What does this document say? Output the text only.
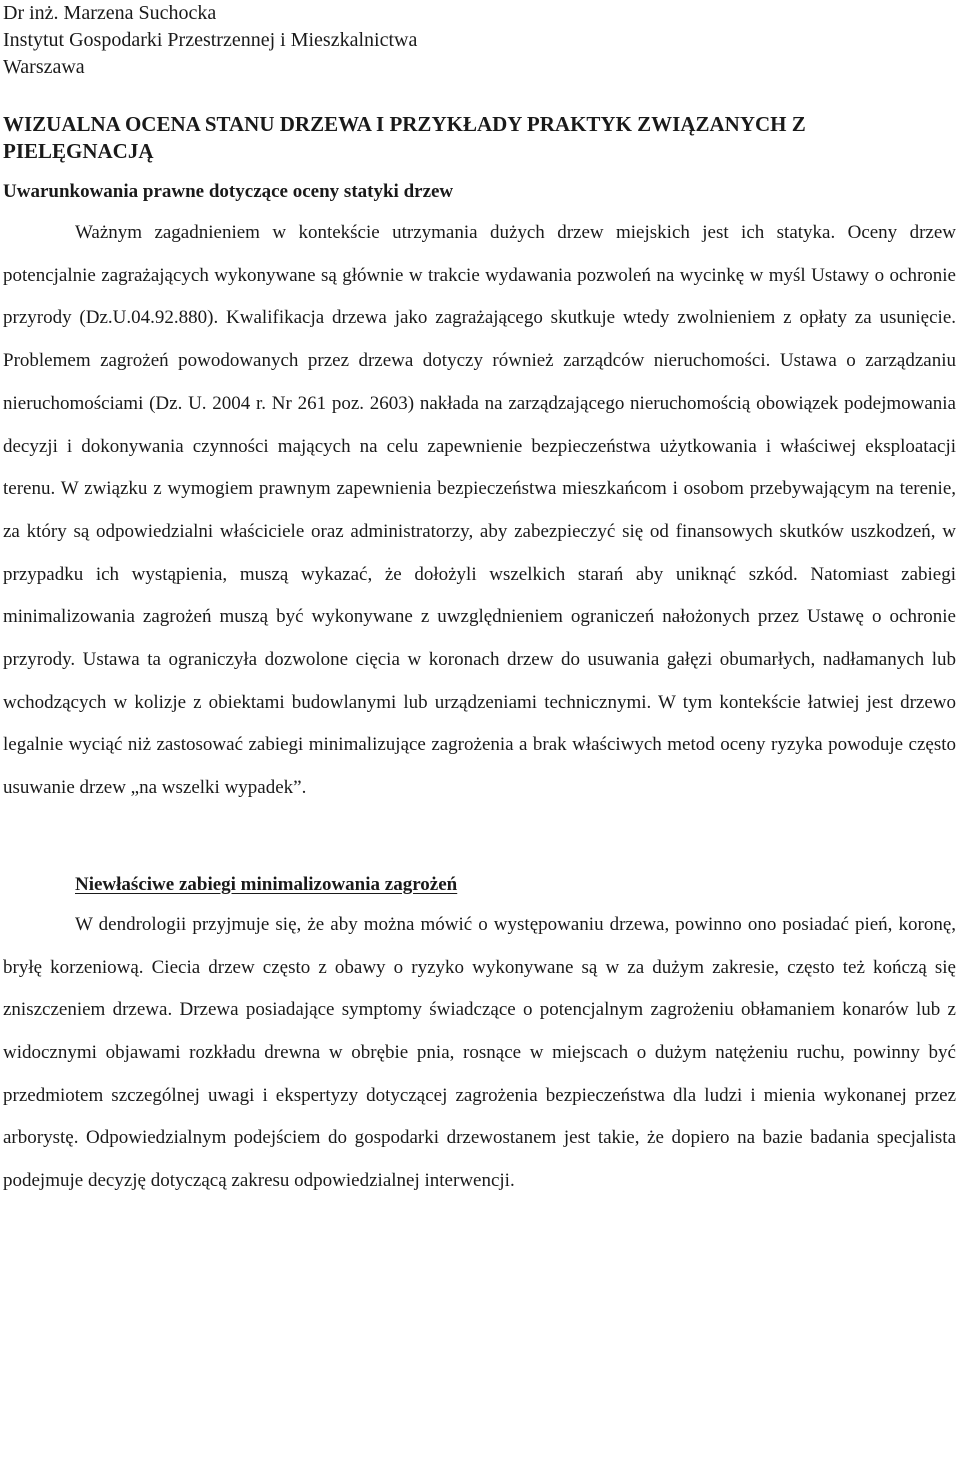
Dr inż. Marzena Suchocka
Instytut Gospodarki Przestrzennej i Mieszkalnictwa
Warszawa
WIZUALNA OCENA STANU DRZEWA I PRZYKŁADY PRAKTYK ZWIĄZANYCH Z PIELĘGNACJĄ
Uwarunkowania prawne dotyczące oceny statyki drzew

Ważnym zagadnieniem w kontekście utrzymania dużych drzew miejskich jest ich statyka. Oceny drzew potencjalnie zagrażających wykonywane są głównie w trakcie wydawania pozwoleń na wycinkę w myśl Ustawy o ochronie przyrody (Dz.U.04.92.880). Kwalifikacja drzewa jako zagrażającego skutkuje wtedy zwolnieniem z opłaty za usunięcie. Problemem zagrożeń powodowanych przez drzewa dotyczy również zarządców nieruchomości. Ustawa o zarządzaniu nieruchomościami (Dz. U. 2004 r. Nr 261 poz. 2603) nakłada na zarządzającego nieruchomością obowiązek podejmowania decyzji i dokonywania czynności mających na celu zapewnienie bezpieczeństwa użytkowania i właściwej eksploatacji terenu. W związku z wymogiem prawnym zapewnienia bezpieczeństwa mieszkańcom i osobom przebywającym na terenie, za który są odpowiedzialni właściciele oraz administratorzy, aby zabezpieczyć się od finansowych skutków uszkodzeń, w przypadku ich wystąpienia, muszą wykazać, że dołożyli wszelkich starań aby uniknąć szkód. Natomiast zabiegi minimalizowania zagrożeń muszą być wykonywane z uwzględnieniem ograniczeń nałożonych przez Ustawę o ochronie przyrody. Ustawa ta ograniczyła dozwolone cięcia w koronach drzew do usuwania gałęzi obumarłych, nadłamanych lub wchodzących w kolizje z obiektami budowlanymi lub urządzeniami technicznymi. W tym kontekście łatwiej jest drzewo legalnie wyciąć niż zastosować zabiegi minimalizujące zagrożenia a brak właściwych metod oceny ryzyka powoduje często usuwanie drzew „na wszelki wypadek”.

Niewłaściwe zabiegi minimalizowania zagrożeń

W dendrologii przyjmuje się, że aby można mówić o występowaniu drzewa, powinno ono posiadać pień, koronę, bryłę korzeniową. Ciecia drzew często z obawy o ryzyko wykonywane są w za dużym zakresie, często też kończą się zniszczeniem drzewa. Drzewa posiadające symptomy świadczące o potencjalnym zagrożeniu obłamaniem konarów lub z widocznymi objawami rozkładu drewna w obrębie pnia, rosnące w miejscach o dużym natężeniu ruchu, powinny być przedmiotem szczególnej uwagi i ekspertyzy dotyczącej zagrożenia bezpieczeństwa dla ludzi i mienia wykonanej przez arborystę. Odpowiedzialnym podejściem do gospodarki drzewostanem jest takie, że dopiero na bazie badania specjalista podejmuje decyzję dotyczącą zakresu odpowiedzialnej interwencji.
